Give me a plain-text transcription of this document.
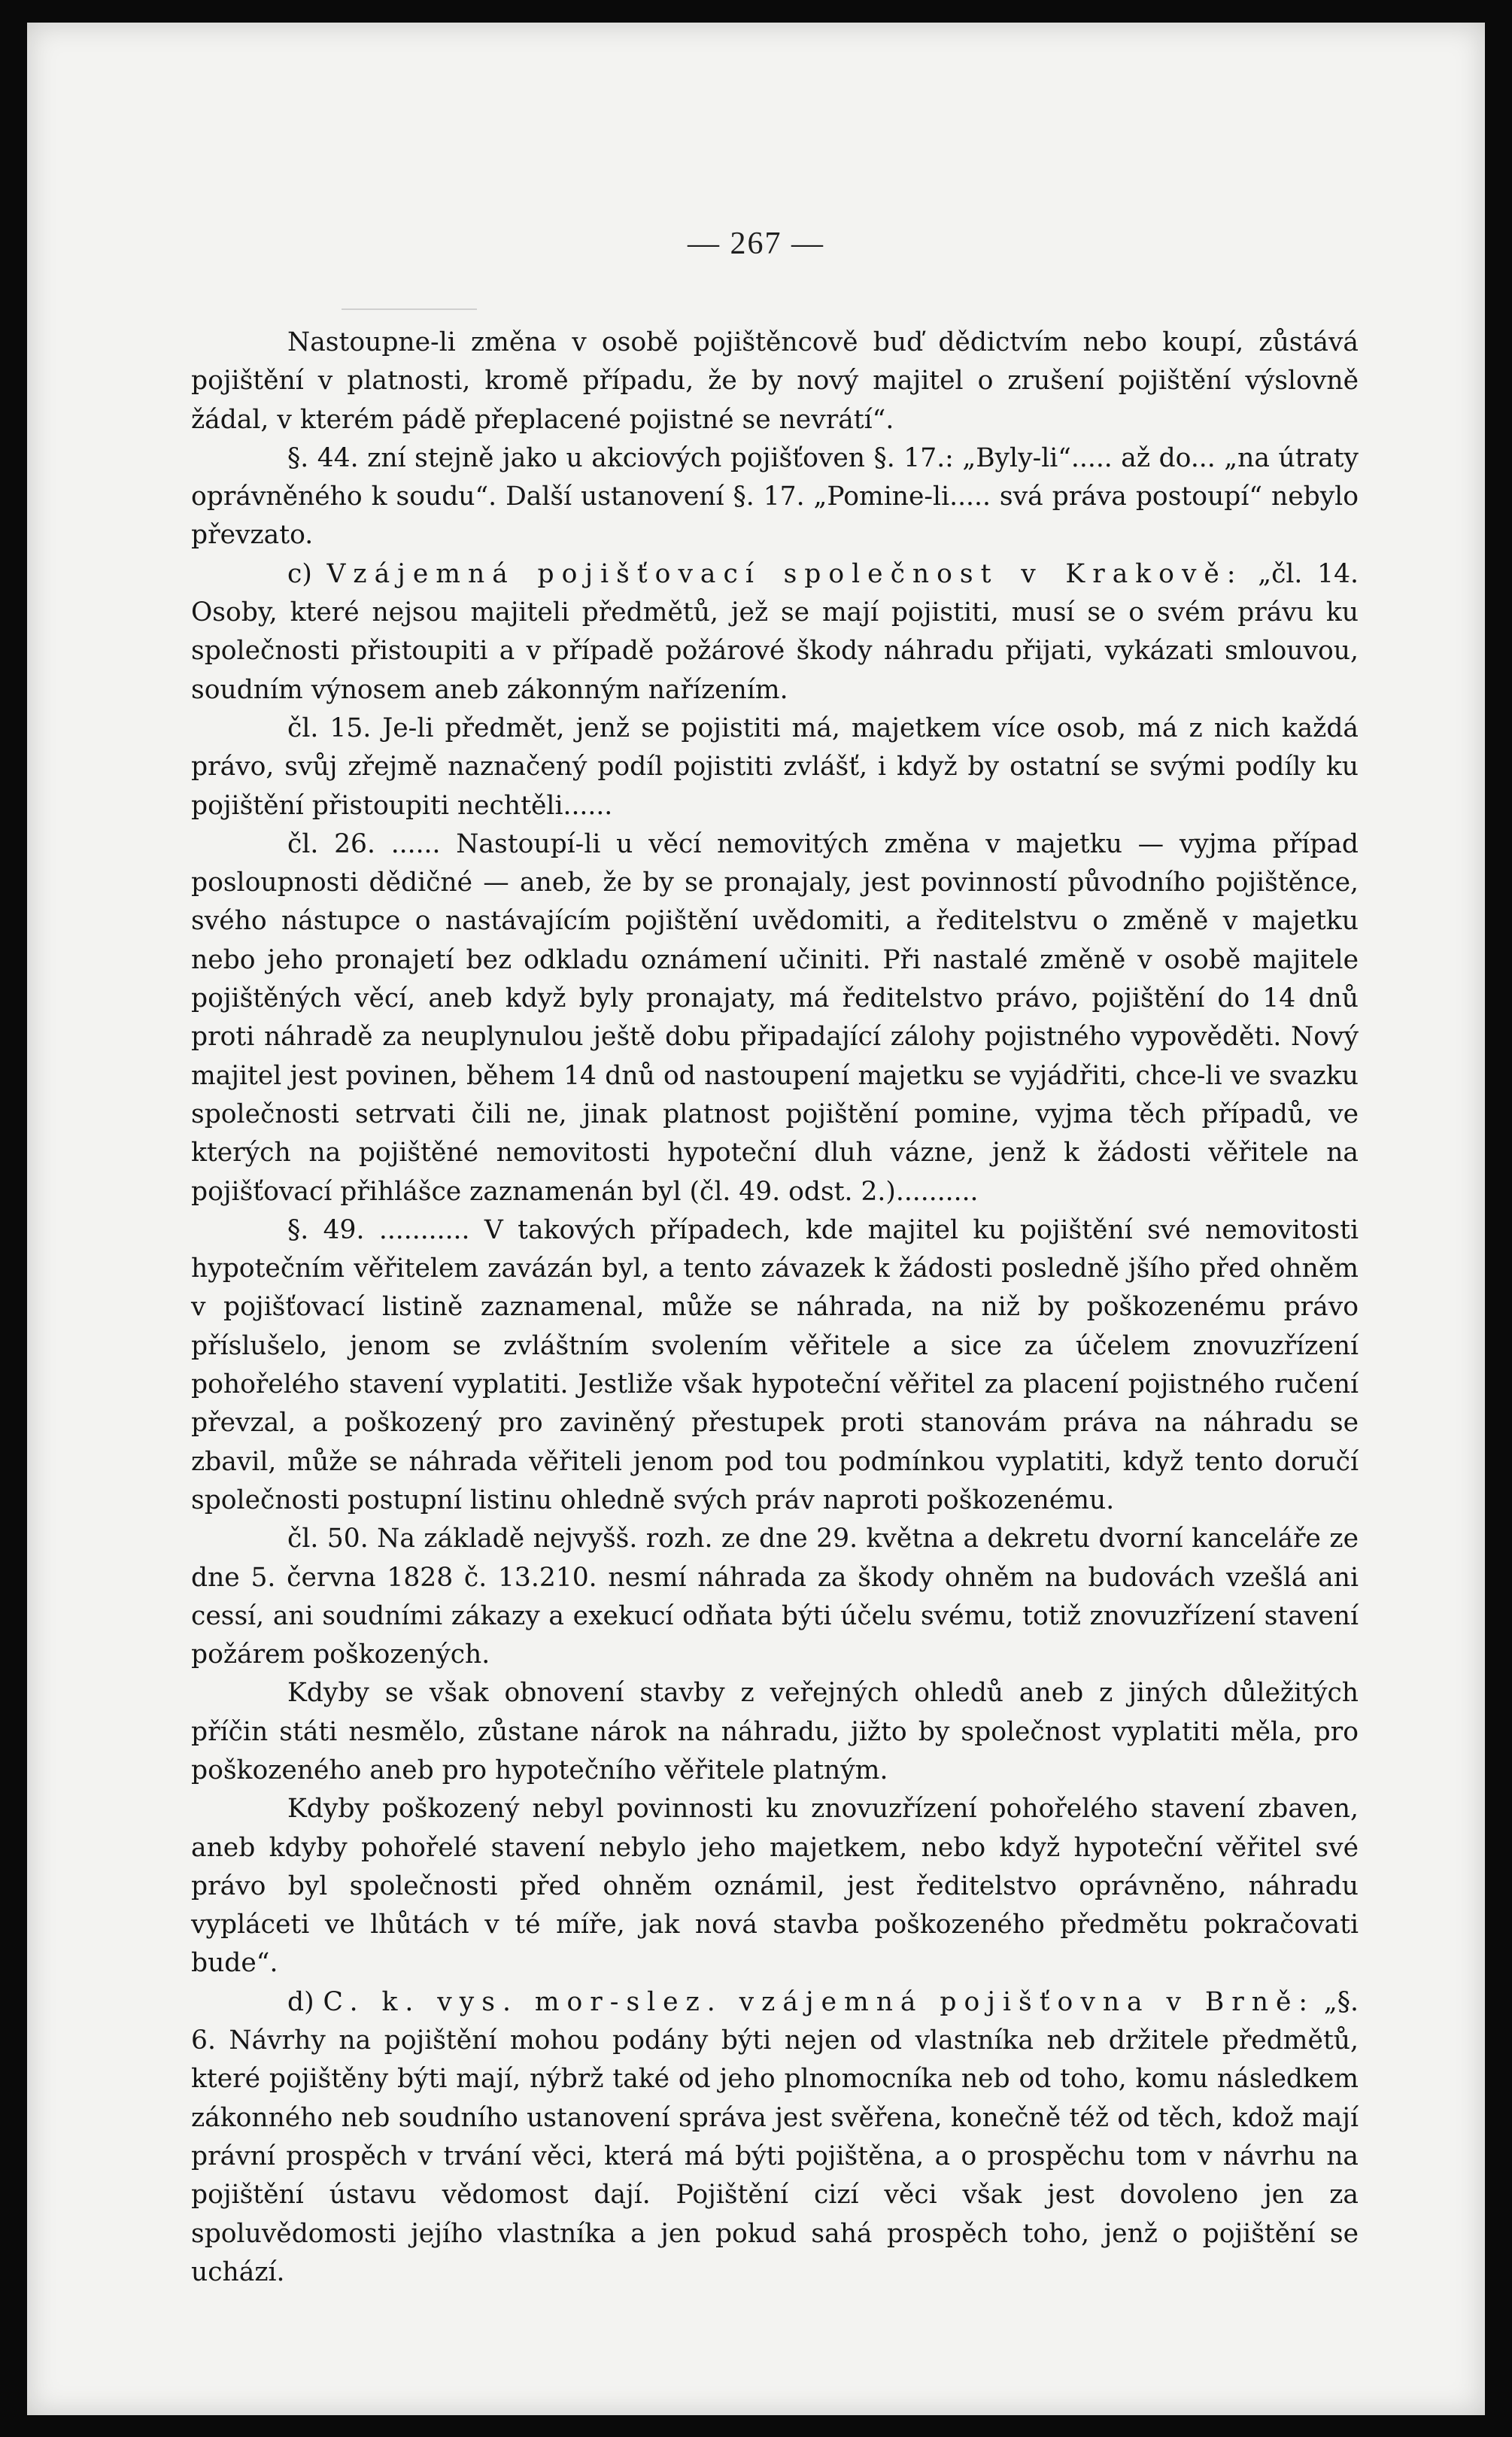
— 267 —

Nastoupne-li změna v osobě pojištěncově buď dědictvím nebo koupí, zůstává pojištění v platnosti, kromě případu, že by nový majitel o zrušení pojištění výslovně žádal, v kterém pádě přeplacené pojistné se nevrátí“.

§. 44. zní stejně jako u akciových pojišťoven §. 17.: „Byly-li“..... až do... „na útraty oprávněného k soudu“. Další ustanovení §. 17. „Pomine-li..... svá práva postoupí“ nebylo převzato.

c) Vzájemná pojišťovací společnost v Krakově: „čl. 14. Osoby, které nejsou majiteli předmětů, jež se mají pojistiti, musí se o svém právu ku společnosti přistoupiti a v případě požárové škody náhradu přijati, vykázati smlouvou, soudním výnosem aneb zákonným nařízením.

čl. 15. Je-li předmět, jenž se pojistiti má, majetkem více osob, má z nich každá právo, svůj zřejmě naznačený podíl pojistiti zvlášť, i když by ostatní se svými podíly ku pojištění přistoupiti nechtěli......

čl. 26. ...... Nastoupí-li u věcí nemovitých změna v majetku — vyjma případ posloupnosti dědičné — aneb, že by se pronajaly, jest povinností původního pojištěnce, svého nástupce o nastávajícím pojištění uvědomiti, a ředitelstvu o změně v majetku nebo jeho pronajetí bez odkladu oznámení učiniti. Při nastalé změně v osobě majitele pojištěných věcí, aneb když byly pronajaty, má ředitelstvo právo, pojištění do 14 dnů proti náhradě za neuplynulou ještě dobu připadající zálohy pojistného vypověděti. Nový majitel jest povinen, během 14 dnů od nastoupení majetku se vyjádřiti, chce-li ve svazku společnosti setrvati čili ne, jinak platnost pojištění pomine, vyjma těch případů, ve kterých na pojištěné nemovitosti hypoteční dluh vázne, jenž k žádosti věřitele na pojišťovací přihlášce zaznamenán byl (čl. 49. odst. 2.)..........

§. 49. ........... V takových případech, kde majitel ku pojištění své nemovitosti hypotečním věřitelem zavázán byl, a tento závazek k žádosti posledně jšího před ohněm v pojišťovací listině zaznamenal, může se náhrada, na niž by poškozenému právo příslušelo, jenom se zvláštním svolením věřitele a sice za účelem znovuzřízení pohořelého stavení vyplatiti. Jestliže však hypoteční věřitel za placení pojistného ručení převzal, a poškozený pro zaviněný přestupek proti stanovám práva na náhradu se zbavil, může se náhrada věřiteli jenom pod tou podmínkou vyplatiti, když tento doručí společnosti postupní listinu ohledně svých práv naproti poškozenému.

čl. 50. Na základě nejvyšš. rozh. ze dne 29. května a dekretu dvorní kanceláře ze dne 5. června 1828 č. 13.210. nesmí náhrada za škody ohněm na budovách vzešlá ani cessí, ani soudními zákazy a exekucí odňata býti účelu svému, totiž znovuzřízení stavení požárem poškozených.

Kdyby se však obnovení stavby z veřejných ohledů aneb z jiných důležitých příčin státi nesmělo, zůstane nárok na náhradu, jižto by společnost vyplatiti měla, pro poškozeného aneb pro hypotečního věřitele platným.

Kdyby poškozený nebyl povinnosti ku znovuzřízení pohořelého stavení zbaven, aneb kdyby pohořelé stavení nebylo jeho majetkem, nebo když hypoteční věřitel své právo byl společnosti před ohněm oznámil, jest ředitelstvo oprávněno, náhradu vypláceti ve lhůtách v té míře, jak nová stavba poškozeného předmětu pokračovati bude“.

d) C. k. vys. mor-slez. vzájemná pojišťovna v Brně: „§. 6. Návrhy na pojištění mohou podány býti nejen od vlastníka neb držitele předmětů, které pojištěny býti mají, nýbrž také od jeho plnomocníka neb od toho, komu následkem zákonného neb soudního ustanovení správa jest svěřena, konečně též od těch, kdož mají právní prospěch v trvání věci, která má býti pojištěna, a o prospěchu tom v návrhu na pojištění ústavu vědomost dají. Pojištění cizí věci však jest dovoleno jen za spoluvědomosti jejího vlastníka a jen pokud sahá prospěch toho, jenž o pojištění se uchází.
